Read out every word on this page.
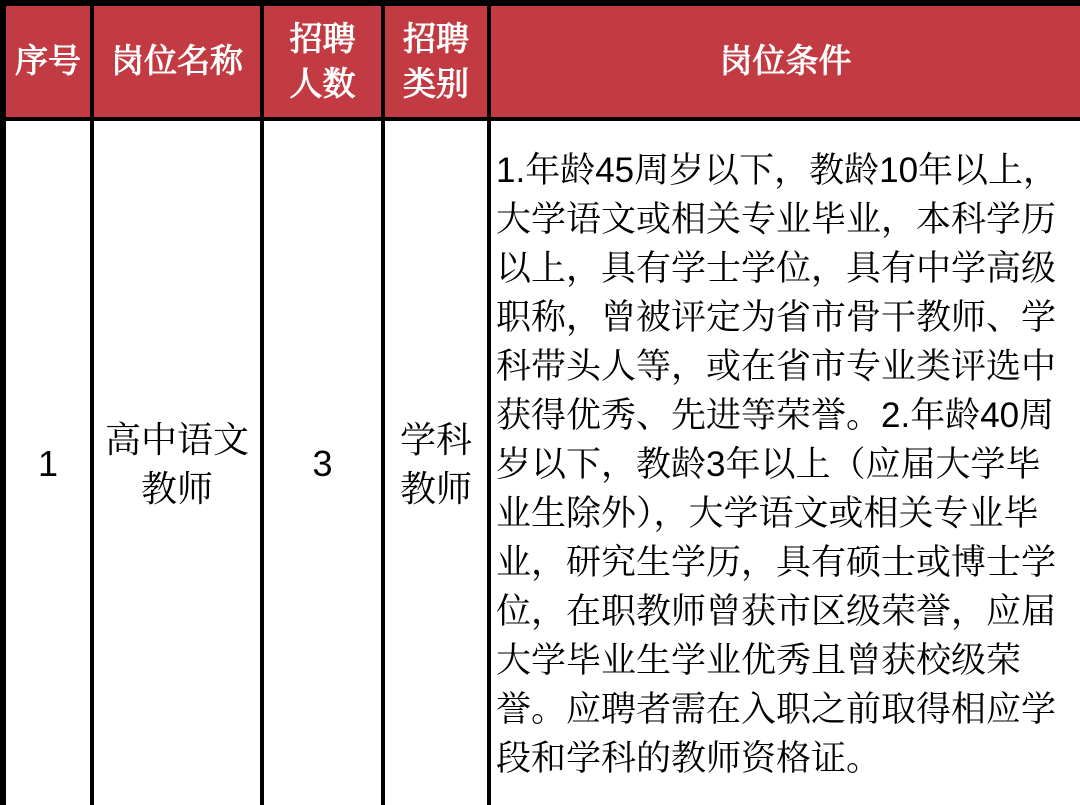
序号	岗位名称	招聘人数	招聘类别	岗位条件
1	高中语文教师	3	学科教师	1.年龄45周岁以下，教龄10年以上，大学语文或相关专业毕业，本科学历以上，具有学士学位，具有中学高级职称，曾被评定为省市骨干教师、学科带头人等，或在省市专业类评选中获得优秀、先进等荣誉。2.年龄40周岁以下，教龄3年以上（应届大学毕业生除外），大学语文或相关专业毕业，研究生学历，具有硕士或博士学位，在职教师曾获市区级荣誉，应届大学毕业生学业优秀且曾获校级荣誉。应聘者需在入职之前取得相应学段和学科的教师资格证。
